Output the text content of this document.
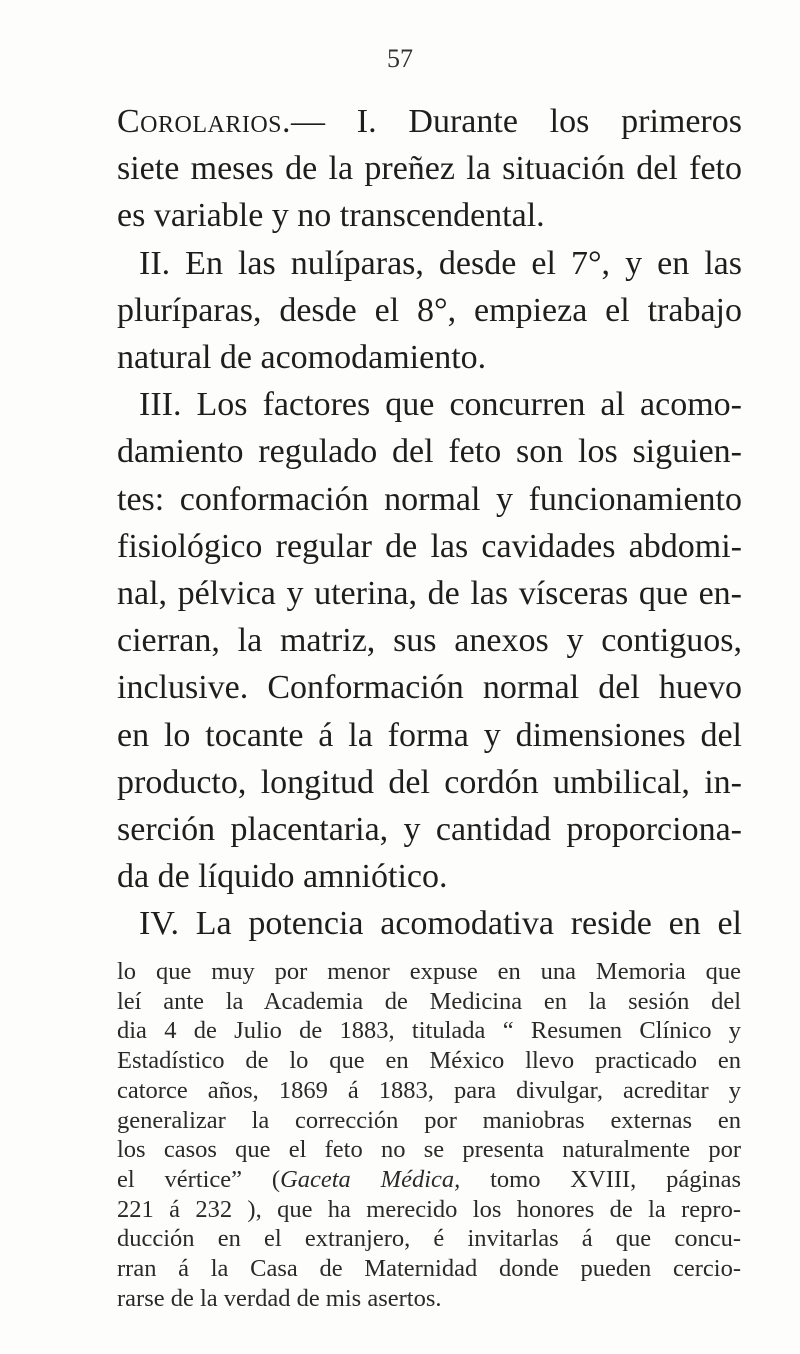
57
Corolarios.— I. Durante los primeros
siete meses de la preñez la situación del feto
es variable y no transcendental.
II. En las nulíparas, desde el 7°, y en las
pluríparas, desde el 8°, empieza el trabajo
natural de acomodamiento.
III. Los factores que concurren al acomo-
damiento regulado del feto son los siguien-
tes: conformación normal y funcionamiento
fisiológico regular de las cavidades abdomi-
nal, pélvica y uterina, de las vísceras que en-
cierran, la matriz, sus anexos y contiguos,
inclusive. Conformación normal del huevo
en lo tocante á la forma y dimensiones del
producto, longitud del cordón umbilical, in-
serción placentaria, y cantidad proporciona-
da de líquido amniótico.
IV. La potencia acomodativa reside en el
lo que muy por menor expuse en una Memoria que
leí ante la Academia de Medicina en la sesión del
dia 4 de Julio de 1883, titulada “ Resumen Clínico y
Estadístico de lo que en México llevo practicado en
catorce años, 1869 á 1883, para divulgar, acreditar y
generalizar la corrección por maniobras externas en
los casos que el feto no se presenta naturalmente por
el vértice” (Gaceta Médica, tomo XVIII, páginas
221 á 232 ), que ha merecido los honores de la repro-
ducción en el extranjero, é invitarlas á que concu-
rran á la Casa de Maternidad donde pueden cercio-
rarse de la verdad de mis asertos.
